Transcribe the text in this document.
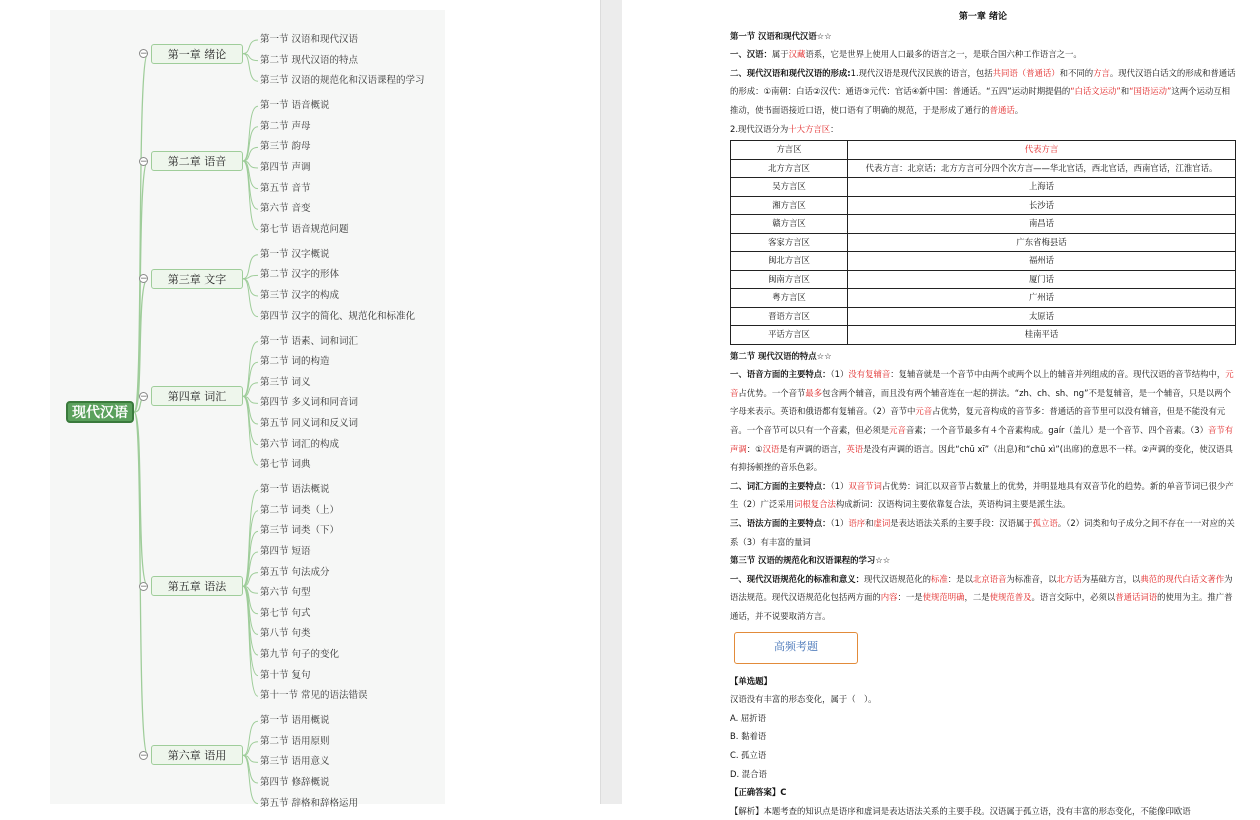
现代汉语
第一章 绪论
−
第一节 汉语和现代汉语
第二节 现代汉语的特点
第三节 汉语的规范化和汉语课程的学习
第二章 语音
−
第一节 语音概说
第二节 声母
第三节 韵母
第四节 声调
第五节 音节
第六节 音变
第七节 语音规范问题
第三章 文字
−
第一节 汉字概说
第二节 汉字的形体
第三节 汉字的构成
第四节 汉字的简化、规范化和标准化
第四章 词汇
−
第一节 语素、词和词汇
第二节 词的构造
第三节 词义
第四节 多义词和同音词
第五节 同义词和反义词
第六节 词汇的构成
第七节 词典
第五章 语法
−
第一节 语法概说
第二节 词类（上）
第三节 词类（下）
第四节 短语
第五节 句法成分
第六节 句型
第七节 句式
第八节 句类
第九节 句子的变化
第十节 复句
第十一节 常见的语法错误
第六章 语用
−
第一节 语用概说
第二节 语用原则
第三节 语用意义
第四节 修辞概说
第五节 辞格和辞格运用

第一章 绪论

第一节 汉语和现代汉语☆☆

一、汉语：属于汉藏语系，它是世界上使用人口最多的语言之一，是联合国六种工作语言之一。

二、现代汉语和现代汉语的形成:1.现代汉语是现代汉民族的语言，包括共同语（普通话）和不同的方言。现代汉语白话文的形成和普通话的形成：①南朝：白话②汉代：通语③元代：官话④新中国：普通话。“五四”运动时期提倡的“白话文运动”和“国语运动”这两个运动互相推动，使书面语接近口语，使口语有了明确的规范，于是形成了通行的普通话。

2.现代汉语分为十大方言区：

方言区	代表方言
北方方言区	代表方言：北京话；北方方言可分四个次方言——华北官话，西北官话，西南官话，江淮官话。
吴方言区	上海话
湘方言区	长沙话
赣方言区	南昌话
客家方言区	广东省梅县话
闽北方言区	福州话
闽南方言区	厦门话
粤方言区	广州话
晋语方言区	太原话
平话方言区	桂南平话

第二节 现代汉语的特点☆☆

一、语音方面的主要特点：（1）没有复辅音：复辅音就是一个音节中由两个或两个以上的辅音并列组成的音。现代汉语的音节结构中，元音占优势。一个音节最多包含两个辅音，而且没有两个辅音连在一起的拼法。“zh、ch、sh、ng”不是复辅音，是一个辅音，只是以两个字母来表示。英语和俄语都有复辅音。（2）音节中元音占优势，复元音构成的音节多：普通话的音节里可以没有辅音，但是不能没有元音。一个音节可以只有一个音素，但必须是元音音素；一个音节最多有４个音素构成。gaír（盖儿）是一个音节、四个音素。（3）音节有声调：①汉语是有声调的语言，英语是没有声调的语言。因此“chū xī”（出息)和“chū xì”(出席)的意思不一样。②声调的变化，使汉语具有抑扬顿挫的音乐色彩。

二、词汇方面的主要特点：（1）双音节词占优势：词汇以双音节占数量上的优势，并明显地具有双音节化的趋势。新的单音节词已很少产生（2）广泛采用词根复合法构成新词：汉语构词主要依靠复合法，英语构词主要是派生法。

三、语法方面的主要特点：（1）语序和虚词是表达语法关系的主要手段：汉语属于孤立语。（2）词类和句子成分之间不存在一一对应的关系（3）有丰富的量词

第三节 汉语的规范化和汉语课程的学习☆☆

一、现代汉语规范化的标准和意义：现代汉语规范化的标准：是以北京语音为标准音，以北方话为基础方言，以典范的现代白话文著作为语法规范。现代汉语规范化包括两方面的内容：一是使规范明确，二是使规范普及。语言交际中，必须以普通话词语的使用为主。推广普通话，并不说要取消方言。

高频考题

【单选题】

汉语没有丰富的形态变化，属于（　）。

A. 屈折语

B. 黏着语

C. 孤立语

D. 混合语

【正确答案】C

【解析】本题考查的知识点是语序和虚词是表达语法关系的主要手段。汉语属于孤立语，没有丰富的形态变化，不能像印欧语
